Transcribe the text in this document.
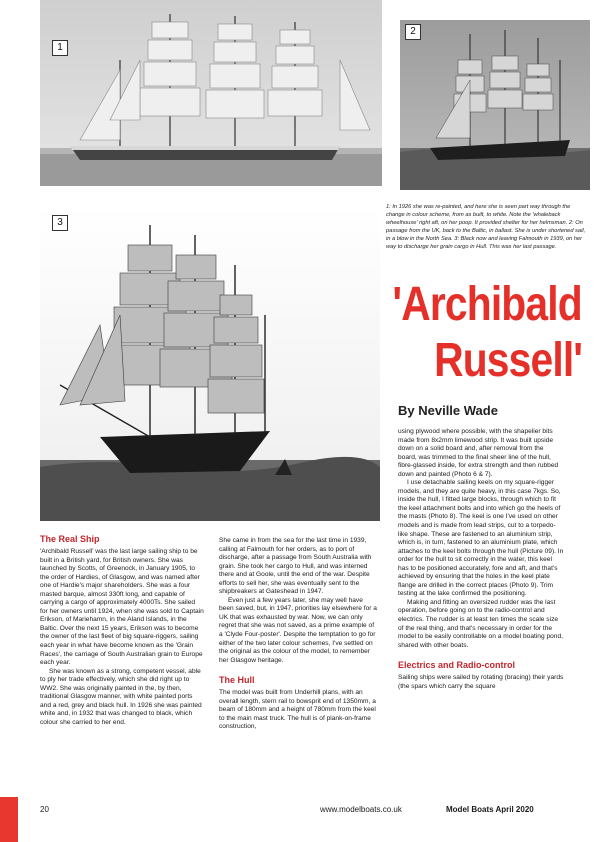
1
2
3
1: In 1926 she was re-painted, and here she is seen part way through the change in colour scheme, from as built, to white. Note the 'whaleback wheelhouse' right aft, on her poop. It provided shelter for her helmsman. 2: On passage from the UK, back to the Baltic, in ballast. She is under shortened sail, in a blow in the North Sea. 3: Black now and leaving Falmouth in 1939, on her way to discharge her grain cargo in Hull. This was her last passage.
'Archibald
Russell'
By Neville Wade
The Real Ship

'Archibald Russell' was the last large sailing ship to be built in a British yard, for British owners. She was launched by Scotts, of Greenock, in January 1905, to the order of Hardies, of Glasgow, and was named after one of Hardie's major shareholders. She was a four masted barque, almost 330ft long, and capable of carrying a cargo of approximately 4000Ts. She sailed for her owners until 1924, when she was sold to Captain Erikson, of Mariehamn, in the Aland Islands, in the Baltic. Over the next 15 years, Erikson was to become the owner of the last fleet of big square-riggers, sailing each year in what have become known as the 'Grain Races', the carriage of South Australian grain to Europe each year.

She was known as a strong, competent vessel, able to ply her trade effectively, which she did right up to WW2. She was originally painted in the, by then, traditional Glasgow manner, with white painted ports and a red, grey and black hull. In 1926 she was painted white and, in 1932 that was changed to black, which colour she carried to her end.

She came in from the sea for the last time in 1939, calling at Falmouth for her orders, as to port of discharge, after a passage from South Australia with grain. She took her cargo to Hull, and was interned there and at Goole, until the end of the war. Despite efforts to sell her, she was eventually sent to the shipbreakers at Gateshead in 1947.

Even just a few years later, she may well have been saved, but, in 1947, priorities lay elsewhere for a UK that was exhausted by war. Now, we can only regret that she was not saved, as a prime example of a 'Clyde Four-poster'. Despite the temptation to go for either of the two later colour schemes, I've settled on the original as the colour of the model, to remember her Glasgow heritage.

The Hull

The model was built from Underhill plans, with an overall length, stern rail to bowsprit end of 1350mm, a beam of 180mm and a height of 780mm from the keel to the main mast truck. The hull is of plank-on-frame construction,

using plywood where possible, with the shapelier bits made from 8x2mm limewood strip. It was built upside down on a solid board and, after removal from the board, was trimmed to the final sheer line of the hull, fibre-glassed inside, for extra strength and then rubbed down and painted (Photo 6 & 7).

I use detachable sailing keels on my square-rigger models, and they are quite heavy, in this case 7kgs. So, inside the hull, I fitted large blocks, through which to fit the keel attachment bolts and into which go the heels of the masts (Photo 8). The keel is one I've used on other models and is made from lead strips, cut to a torpedo-like shape. These are fastened to an aluminium strip, which is, in turn, fastened to an aluminium plate, which attaches to the keel bolts through the hull (Picture 09). In order for the hull to sit correctly in the water, this keel has to be positioned accurately, fore and aft, and that's achieved by ensuring that the holes in the keel plate flange are drilled in the correct places (Photo 9). Trim testing at the lake confirmed the positioning.

Making and fitting an oversized rudder was the last operation, before going on to the radio-control and electrics. The rudder is at least ten times the scale size of the real thing, and that's necessary in order for the model to be easily controllable on a model boating pond, shared with other boats.

Electrics and Radio-control

Sailing ships were sailed by rotating (bracing) their yards (the spars which carry the square

20	www.modelboats.co.uk	Model Boats April 2020
